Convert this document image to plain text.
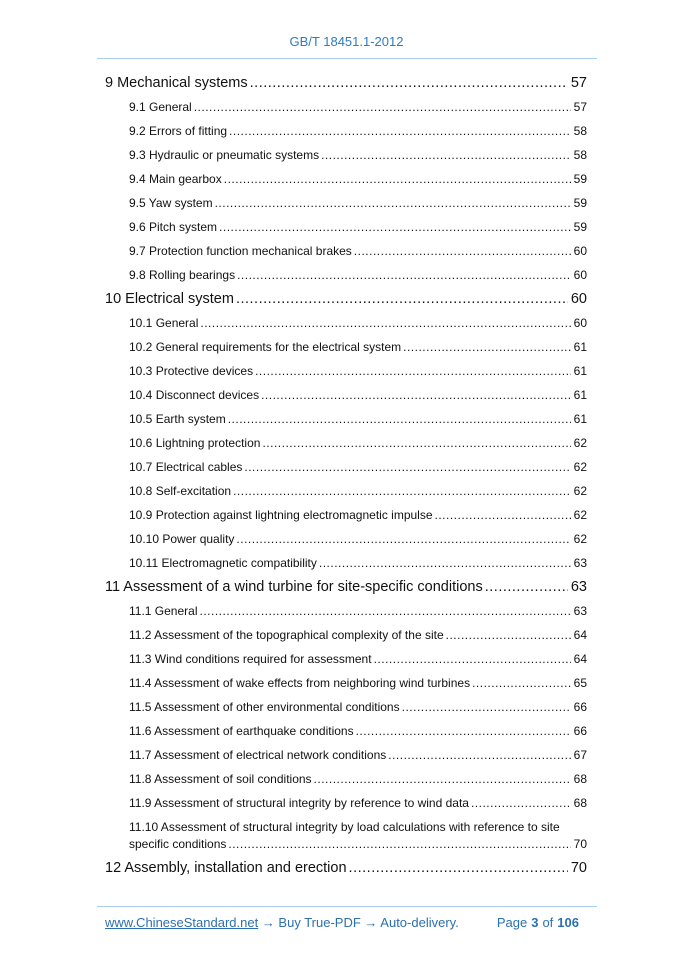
GB/T 18451.1-2012
9 Mechanical systems .....	57
9.1 General .....	57
9.2 Errors of fitting .....	58
9.3 Hydraulic or pneumatic systems .....	58
9.4 Main gearbox .....	59
9.5 Yaw system .....	59
9.6 Pitch system .....	59
9.7 Protection function mechanical brakes .....	60
9.8 Rolling bearings .....	60
10 Electrical system .....	60
10.1 General .....	60
10.2 General requirements for the electrical system .....	61
10.3 Protective devices .....	61
10.4 Disconnect devices .....	61
10.5 Earth system .....	61
10.6 Lightning protection .....	62
10.7 Electrical cables .....	62
10.8 Self-excitation .....	62
10.9 Protection against lightning electromagnetic impulse .....	62
10.10 Power quality .....	62
10.11 Electromagnetic compatibility .....	63
11 Assessment of a wind turbine for site-specific conditions .....	63
11.1 General .....	63
11.2 Assessment of the topographical complexity of the site .....	64
11.3 Wind conditions required for assessment .....	64
11.4 Assessment of wake effects from neighboring wind turbines .....	65
11.5 Assessment of other environmental conditions .....	66
11.6 Assessment of earthquake conditions .....	66
11.7 Assessment of electrical network conditions .....	67
11.8 Assessment of soil conditions .....	68
11.9 Assessment of structural integrity by reference to wind data .....	68
11.10 Assessment of structural integrity by load calculations with reference to site specific conditions .....	70
12 Assembly, installation and erection .....	70
www.ChineseStandard.net → Buy True-PDF → Auto-delivery.	Page 3 of 106
